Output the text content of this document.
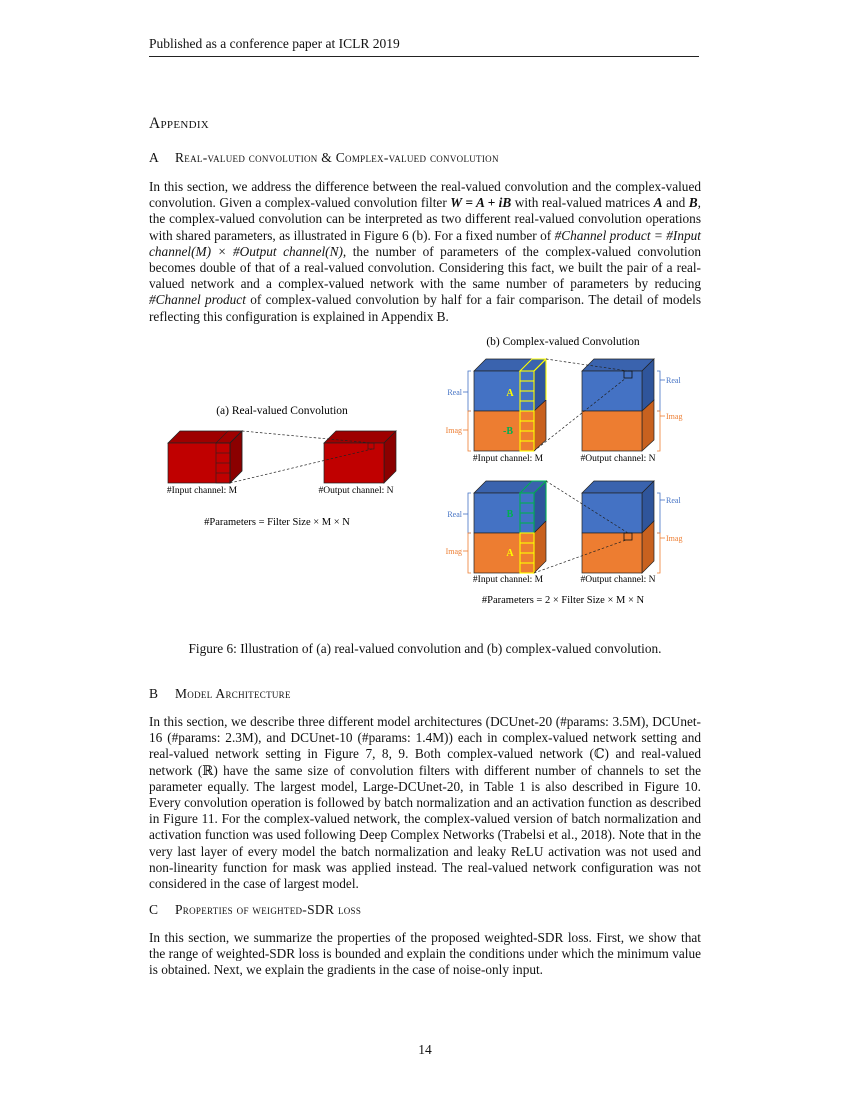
Published as a conference paper at ICLR 2019
Appendix
A Real-valued convolution & Complex-valued convolution
In this section, we address the difference between the real-valued convolution and the complex-valued convolution. Given a complex-valued convolution filter W = A + iB with real-valued matrices A and B, the complex-valued convolution can be interpreted as two different real-valued convolution operations with shared parameters, as illustrated in Figure 6 (b). For a fixed number of #Channel product = #Input channel(M) × #Output channel(N), the number of parameters of the complex-valued convolution becomes double of that of a real-valued convolution. Considering this fact, we built the pair of a real-valued network and a complex-valued network with the same number of parameters by reducing #Channel product of complex-valued convolution by half for a fair comparison. The detail of models reflecting this configuration is explained in Appendix B.
(a) Real-valued Convolution
(b) Complex-valued Convolution
#Input channel: M	#Output channel: N
#Parameters = Filter Size × M × N
A
-B
#Input channel: M	#Output channel: N
Real
Imag
Real
Imag
B
A
#Input channel: M	#Output channel: N
Real
Imag
Real
Imag
#Parameters = 2 × Filter Size × M × N
Figure 6: Illustration of (a) real-valued convolution and (b) complex-valued convolution.
B Model Architecture
In this section, we describe three different model architectures (DCUnet-20 (#params: 3.5M), DCUnet-16 (#params: 2.3M), and DCUnet-10 (#params: 1.4M)) each in complex-valued network setting and real-valued network setting in Figure 7, 8, 9. Both complex-valued network (ℂ) and real-valued network (ℝ) have the same size of convolution filters with different number of channels to set the parameter equally. The largest model, Large-DCUnet-20, in Table 1 is also described in Figure 10. Every convolution operation is followed by batch normalization and an activation function as described in Figure 11. For the complex-valued network, the complex-valued version of batch normalization and activation function was used following Deep Complex Networks (Trabelsi et al., 2018). Note that in the very last layer of every model the batch normalization and leaky ReLU activation was not used and non-linearity function for mask was applied instead. The real-valued network configuration was not considered in the case of largest model.
C Properties of weighted-SDR loss
In this section, we summarize the properties of the proposed weighted-SDR loss. First, we show that the range of weighted-SDR loss is bounded and explain the conditions under which the minimum value is obtained. Next, we explain the gradients in the case of noise-only input.
14
